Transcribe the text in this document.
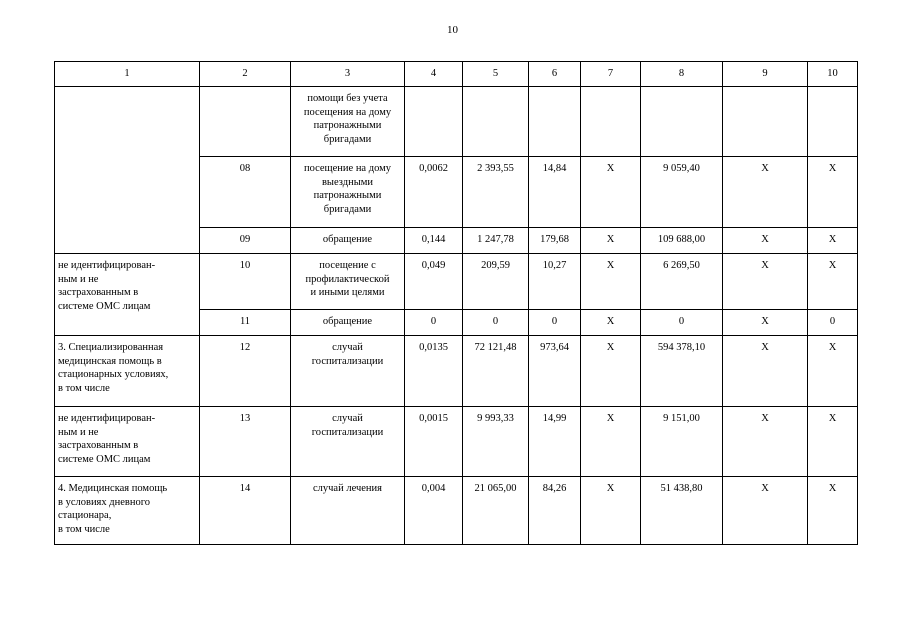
10
1	2	3	4	5	6	7	8	9	10
		помощи без учета
посещения на дому
патронажными
бригадами							
	08	посещение на дому
выездными
патронажными
бригадами	0,0062	2 393,55	14,84	Х	9 059,40	Х	Х
	09	обращение	0,144	1 247,78	179,68	Х	109 688,00	Х	Х
не идентифицирован-
ным и не
застрахованным в
системе ОМС лицам	10	посещение с
профилактической
и иными целями	0,049	209,59	10,27	Х	6 269,50	Х	Х
	11	обращение	0	0	0	Х	0	Х	0
3. Специализированная
медицинская помощь в
стационарных условиях,
в том числе	12	случай
госпитализации	0,0135	72 121,48	973,64	Х	594 378,10	Х	Х
не идентифицирован-
ным и не
застрахованным в
системе ОМС лицам	13	случай
госпитализации	0,0015	9 993,33	14,99	Х	9 151,00	Х	Х
4. Медицинская помощь
в условиях дневного
стационара,
в том числе	14	случай лечения	0,004	21 065,00	84,26	Х	51 438,80	Х	Х
